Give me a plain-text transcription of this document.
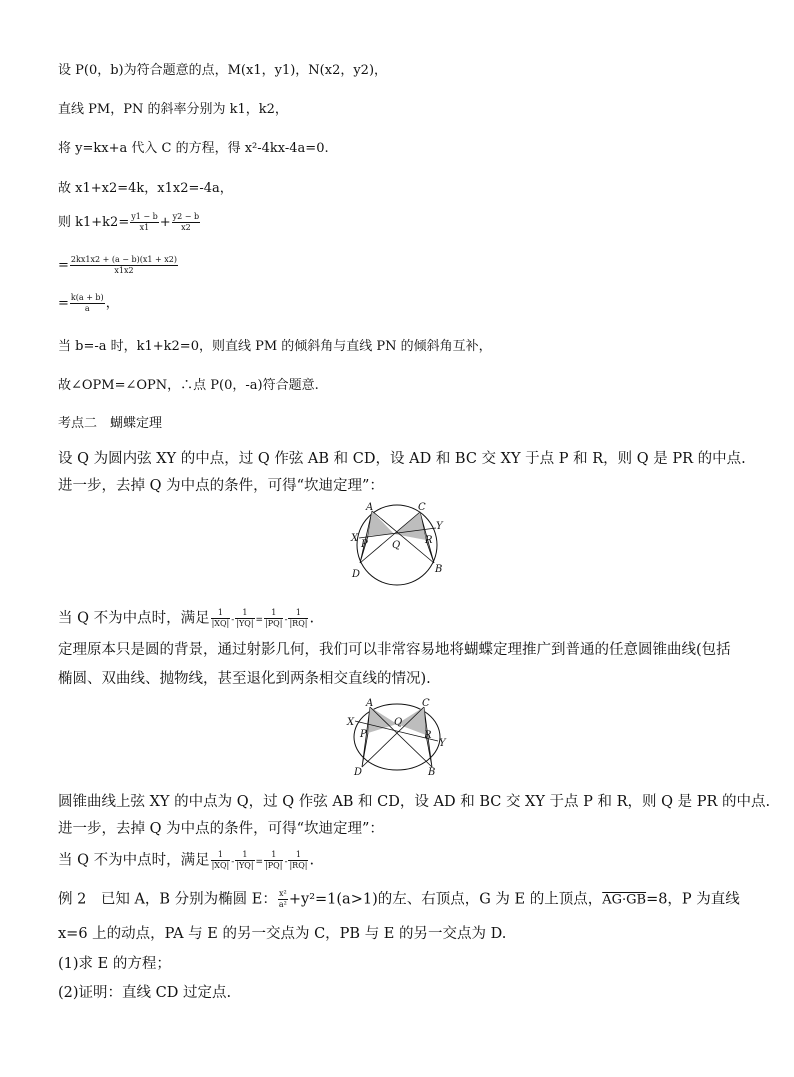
设 P(0，b)为符合题意的点，M(x1，y1)，N(x2，y2)，
直线 PM，PN 的斜率分别为 k1，k2，
将 y=kx+a 代入 C 的方程，得 x²-4kx-4a=0.
故 x1+x2=4k，x1x2=-4a，
则 $k1+k2= \frac{y1 - b}{x1} + \frac{y2 - b}{x2}$
= $\frac{2kx1x2 + (a - b)(x1 + x2)}{x1x2}$
= $\frac{k(a + b)}{a}$ ，
当 b=-a 时，k1+k2=0，则直线 PM 的倾斜角与直线 PN 的倾斜角互补，
故∠OPM=∠OPN，∴点 P(0，-a)符合题意.
考点二　蝴蝶定理
设 Q 为圆内弦 XY 的中点，过 Q 作弦 AB 和 CD，设 AD 和 BC 交 XY 于点 P 和 R，则 Q 是 PR 的中点.
进一步，去掉 Q 为中点的条件，可得“坎迪定理”：
A	C
X
Y
P Q R
D	B
当 Q 不为中点时，满足 $\frac{1}{|XQ|} - \frac{1}{|YQ|} = \frac{1}{|PQ|} - \frac{1}{|RQ|}$ .
定理原本只是圆的背景，通过射影几何，我们可以非常容易地将蝴蝶定理推广到普通的任意圆锥曲线(包括
椭圆、双曲线、抛物线，甚至退化到两条相交直线的情况).
A	C
X
Y
P
Q
R
D	B
圆锥曲线上弦 XY 的中点为 Q，过 Q 作弦 AB 和 CD，设 AD 和 BC 交 XY 于点 P 和 R，则 Q 是 PR 的中点.
进一步，去掉 Q 为中点的条件，可得“坎迪定理”：
当 Q 不为中点时，满足 $\frac{1}{|XQ|} - \frac{1}{|YQ|} = \frac{1}{|PQ|} - \frac{1}{|RQ|}$ .
例 2　已知 A，B 分别为椭圆 E： $\frac{\text{x²}}{\text{a²}} +y^2=1(a>1)$的左、右顶点，G 为 E 的上顶点，AG·GB=8，P 为直线
x=6 上的动点，PA 与 E 的另一交点为 C，PB 与 E 的另一交点为 D.
(1)求 E 的方程；
(2)证明：直线 CD 过定点.
